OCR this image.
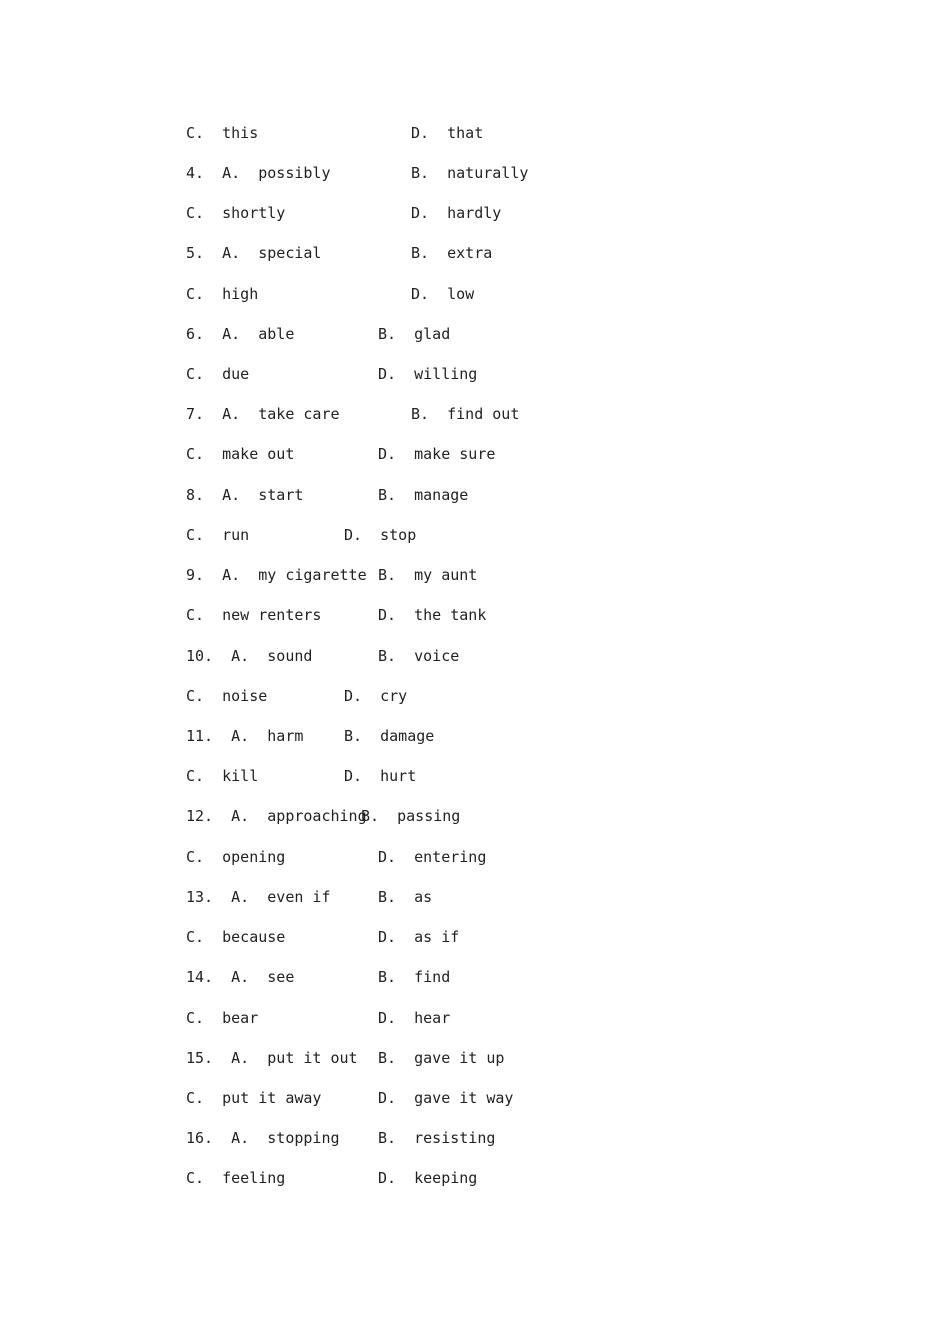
C.  this

	D.  that

4.  A.  possibly

	B.  naturally

C.  shortly

	D.  hardly

5.  A.  special

	B.  extra

C.  high

	D.  low

6.  A.  able

	B.  glad

C.  due

	D.  willing

7.  A.  take care

	B.  find out

C.  make out

	D.  make sure

8.  A.  start

	B.  manage

C.  run

	D.  stop

9.  A.  my cigarette

B.  my aunt

C.  new renters

	D.  the tank

10.  A.  sound

	B.  voice

C.  noise

	D.  cry

11.  A.  harm

	B.  damage

C.  kill

	D.  hurt

12.  A.  approaching

B.  passing

C.  opening

	D.  entering

13.  A.  even if

	B.  as

C.  because

	D.  as if

14.  A.  see

	B.  find

C.  bear

	D.  hear

15.  A.  put it out

B.  gave it up

C.  put it away

	D.  gave it way

16.  A.  stopping

	B.  resisting

C.  feeling

	D.  keeping
